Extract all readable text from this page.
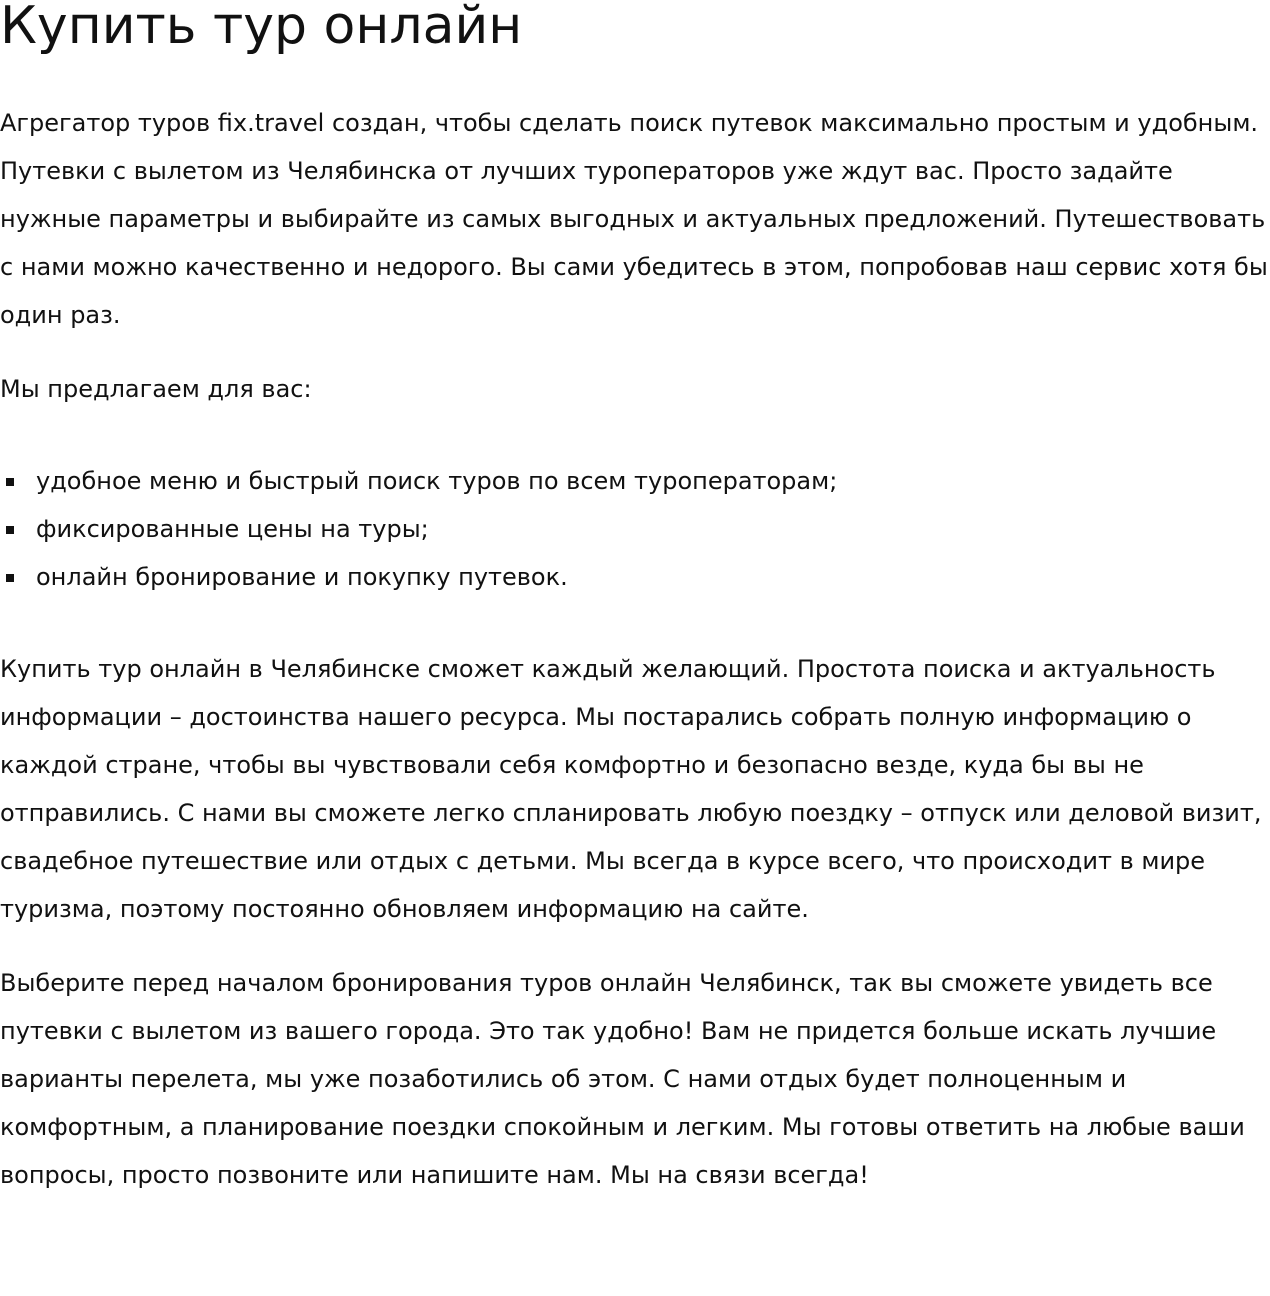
Купить тур онлайн

Агрегатор туров fix.travel создан, чтобы сделать поиск путевок максимально простым и удобным. Путевки с вылетом из Челябинска от лучших туроператоров уже ждут вас. Просто задайте нужные параметры и выбирайте из самых выгодных и актуальных предложений. Путешествовать с нами можно качественно и недорого. Вы сами убедитесь в этом, попробовав наш сервис хотя бы один раз.

Мы предлагаем для вас:

удобное меню и быстрый поиск туров по всем туроператорам;
фиксированные цены на туры;
онлайн бронирование и покупку путевок.

Купить тур онлайн в Челябинске сможет каждый желающий. Простота поиска и актуальность информации – достоинства нашего ресурса. Мы постарались собрать полную информацию о каждой стране, чтобы вы чувствовали себя комфортно и безопасно везде, куда бы вы не отправились. С нами вы сможете легко спланировать любую поездку – отпуск или деловой визит, свадебное путешествие или отдых с детьми. Мы всегда в курсе всего, что происходит в мире туризма, поэтому постоянно обновляем информацию на сайте.

Выберите перед началом бронирования туров онлайн Челябинск, так вы сможете увидеть все путевки с вылетом из вашего города. Это так удобно! Вам не придется больше искать лучшие варианты перелета, мы уже позаботились об этом. С нами отдых будет полноценным и комфортным, а планирование поездки спокойным и легким. Мы готовы ответить на любые ваши вопросы, просто позвоните или напишите нам. Мы на связи всегда!
